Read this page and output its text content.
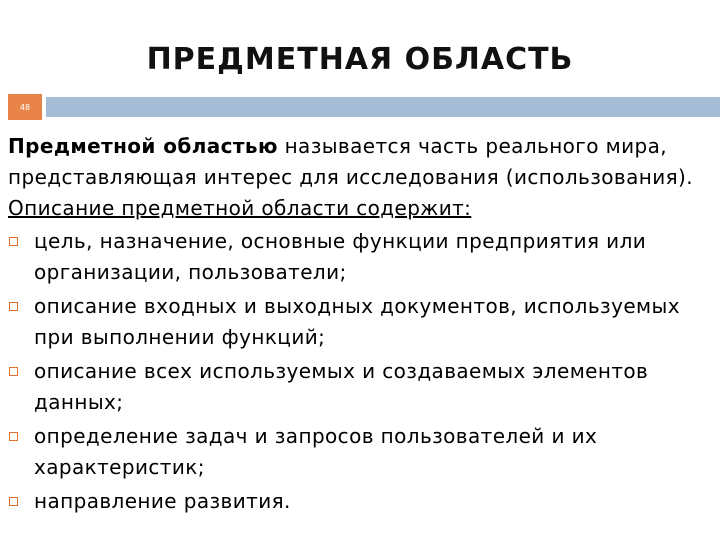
ПРЕДМЕТНАЯ ОБЛАСТЬ
48

Предметной областью называется часть реального мира, представляющая интерес для исследования (использования).

Описание предметной области содержит:

цель, назначение, основные функции предприятия или организации, пользователи;
описание входных и выходных документов, используемых при выполнении функций;
описание всех используемых и создаваемых элементов данных;
определение задач и запросов пользователей и их характеристик;
направление развития.
